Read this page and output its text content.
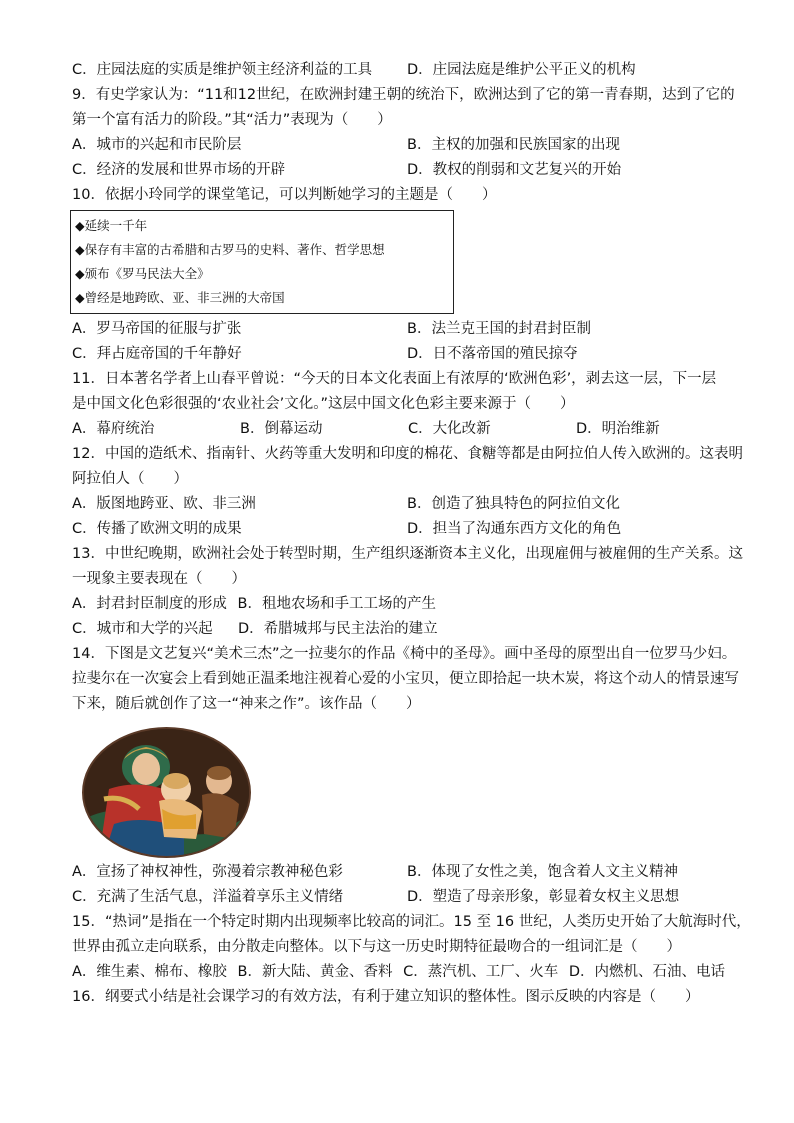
C．庄园法庭的实质是维护领主经济利益的工具	D．庄园法庭是维护公平正义的机构
9．有史学家认为：“11和12世纪，在欧洲封建王朝的统治下，欧洲达到了它的第一青春期，达到了它的
第一个富有活力的阶段。”其“活力”表现为（　　）
A．城市的兴起和市民阶层	B．主权的加强和民族国家的出现
C．经济的发展和世界市场的开辟	D．教权的削弱和文艺复兴的开始
10．依据小玲同学的课堂笔记，可以判断她学习的主题是（　　）
◆延续一千年
◆保存有丰富的古希腊和古罗马的史料、著作、哲学思想
◆颁布《罗马民法大全》
◆曾经是地跨欧、亚、非三洲的大帝国
A．罗马帝国的征服与扩张	B．法兰克王国的封君封臣制
C．拜占庭帝国的千年静好	D．日不落帝国的殖民掠夺
11．日本著名学者上山春平曾说：“今天的日本文化表面上有浓厚的‘欧洲色彩’，剥去这一层，下一层
是中国文化色彩很强的‘农业社会’文化。”这层中国文化色彩主要来源于（　　）
A．幕府统治	B．倒幕运动	C．大化改新	D．明治维新
12．中国的造纸术、指南针、火药等重大发明和印度的棉花、食糖等都是由阿拉伯人传入欧洲的。这表明
阿拉伯人（　　）
A．版图地跨亚、欧、非三洲	B．创造了独具特色的阿拉伯文化
C．传播了欧洲文明的成果	D．担当了沟通东西方文化的角色
13．中世纪晚期，欧洲社会处于转型时期，生产组织逐渐资本主义化，出现雇佣与被雇佣的生产关系。这
一现象主要表现在（　　）
A．封君封臣制度的形成 B．租地农场和手工工场的产生
C．城市和大学的兴起 D．希腊城邦与民主法治的建立
14．下图是文艺复兴“美术三杰”之一拉斐尔的作品《椅中的圣母》。画中圣母的原型出自一位罗马少妇。
拉斐尔在一次宴会上看到她正温柔地注视着心爱的小宝贝，便立即拾起一块木炭，将这个动人的情景速写
下来，随后就创作了这一“神来之作”。该作品（　　）
A．宣扬了神权神性，弥漫着宗教神秘色彩	B．体现了女性之美，饱含着人文主义精神
C．充满了生活气息，洋溢着享乐主义情绪	D．塑造了母亲形象，彰显着女权主义思想
15．“热词”是指在一个特定时期内出现频率比较高的词汇。15 至 16 世纪，人类历史开始了大航海时代，
世界由孤立走向联系，由分散走向整体。以下与这一历史时期特征最吻合的一组词汇是（　　）
A．维生素、棉布、橡胶 B．新大陆、黄金、香料 C．蒸汽机、工厂、火车 D．内燃机、石油、电话
16．纲要式小结是社会课学习的有效方法，有利于建立知识的整体性。图示反映的内容是（　　）
